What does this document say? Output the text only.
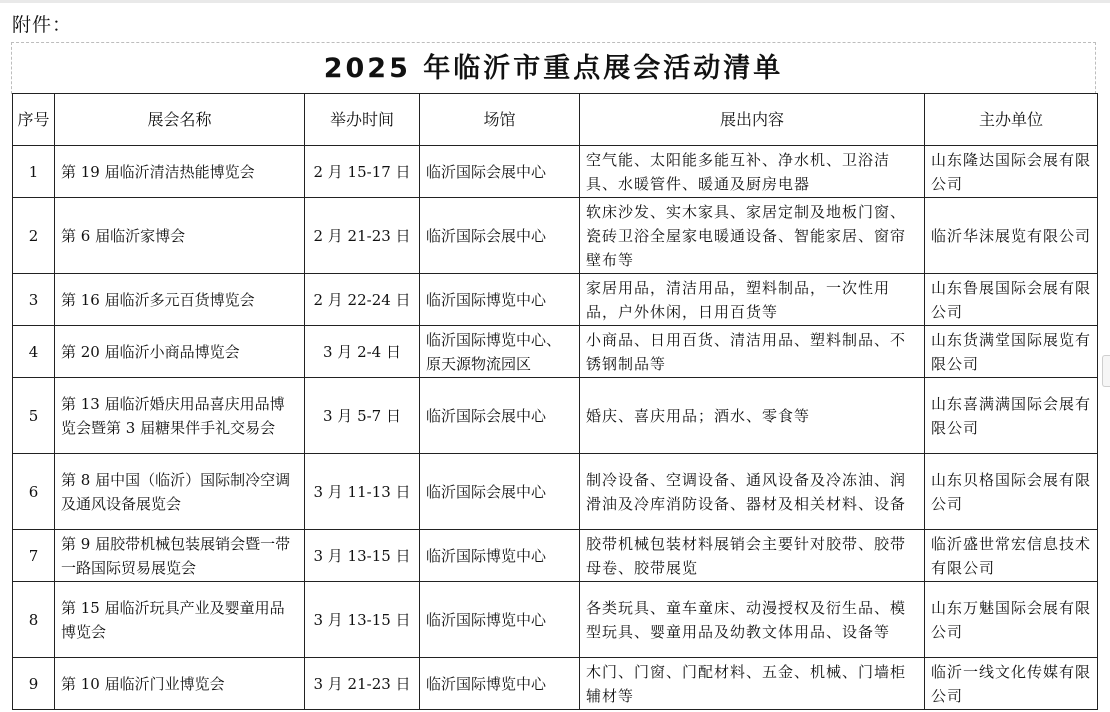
附件：
2025 年临沂市重点展会活动清单
序号	展会名称	举办时间	场馆	展出内容	主办单位
1	第 19 届临沂清洁热能博览会	2 月 15-17 日	临沂国际会展中心	空气能、太阳能多能互补、净水机、卫浴洁具、水暖管件、暖通及厨房电器	山东隆达国际会展有限公司
2	第 6 届临沂家博会	2 月 21-23 日	临沂国际会展中心	软床沙发、实木家具、家居定制及地板门窗、瓷砖卫浴全屋家电暖通设备、智能家居、窗帘壁布等	临沂华沫展览有限公司
3	第 16 届临沂多元百货博览会	2 月 22-24 日	临沂国际博览中心	家居用品，清洁用品，塑料制品，一次性用品，户外休闲，日用百货等	山东鲁展国际会展有限公司
4	第 20 届临沂小商品博览会	3 月 2-4 日	临沂国际博览中心、原天源物流园区	小商品、日用百货、清洁用品、塑料制品、不锈钢制品等	山东货满堂国际展览有限公司
5	第 13 届临沂婚庆用品喜庆用品博览会暨第 3 届糖果伴手礼交易会	3 月 5-7 日	临沂国际会展中心	婚庆、喜庆用品；酒水、零食等	山东喜满满国际会展有限公司
6	第 8 届中国（临沂）国际制冷空调及通风设备展览会	3 月 11-13 日	临沂国际会展中心	制冷设备、空调设备、通风设备及冷冻油、润滑油及冷库消防设备、器材及相关材料、设备	山东贝格国际会展有限公司
7	第 9 届胶带机械包装展销会暨一带一路国际贸易展览会	3 月 13-15 日	临沂国际博览中心	胶带机械包装材料展销会主要针对胶带、胶带母卷、胶带展览	临沂盛世常宏信息技术有限公司
8	第 15 届临沂玩具产业及婴童用品博览会	3 月 13-15 日	临沂国际博览中心	各类玩具、童车童床、动漫授权及衍生品、模型玩具、婴童用品及幼教文体用品、设备等	山东万魅国际会展有限公司
9	第 10 届临沂门业博览会	3 月 21-23 日	临沂国际博览中心	木门、门窗、门配材料、五金、机械、门墙柜辅材等	临沂一线文化传媒有限公司
